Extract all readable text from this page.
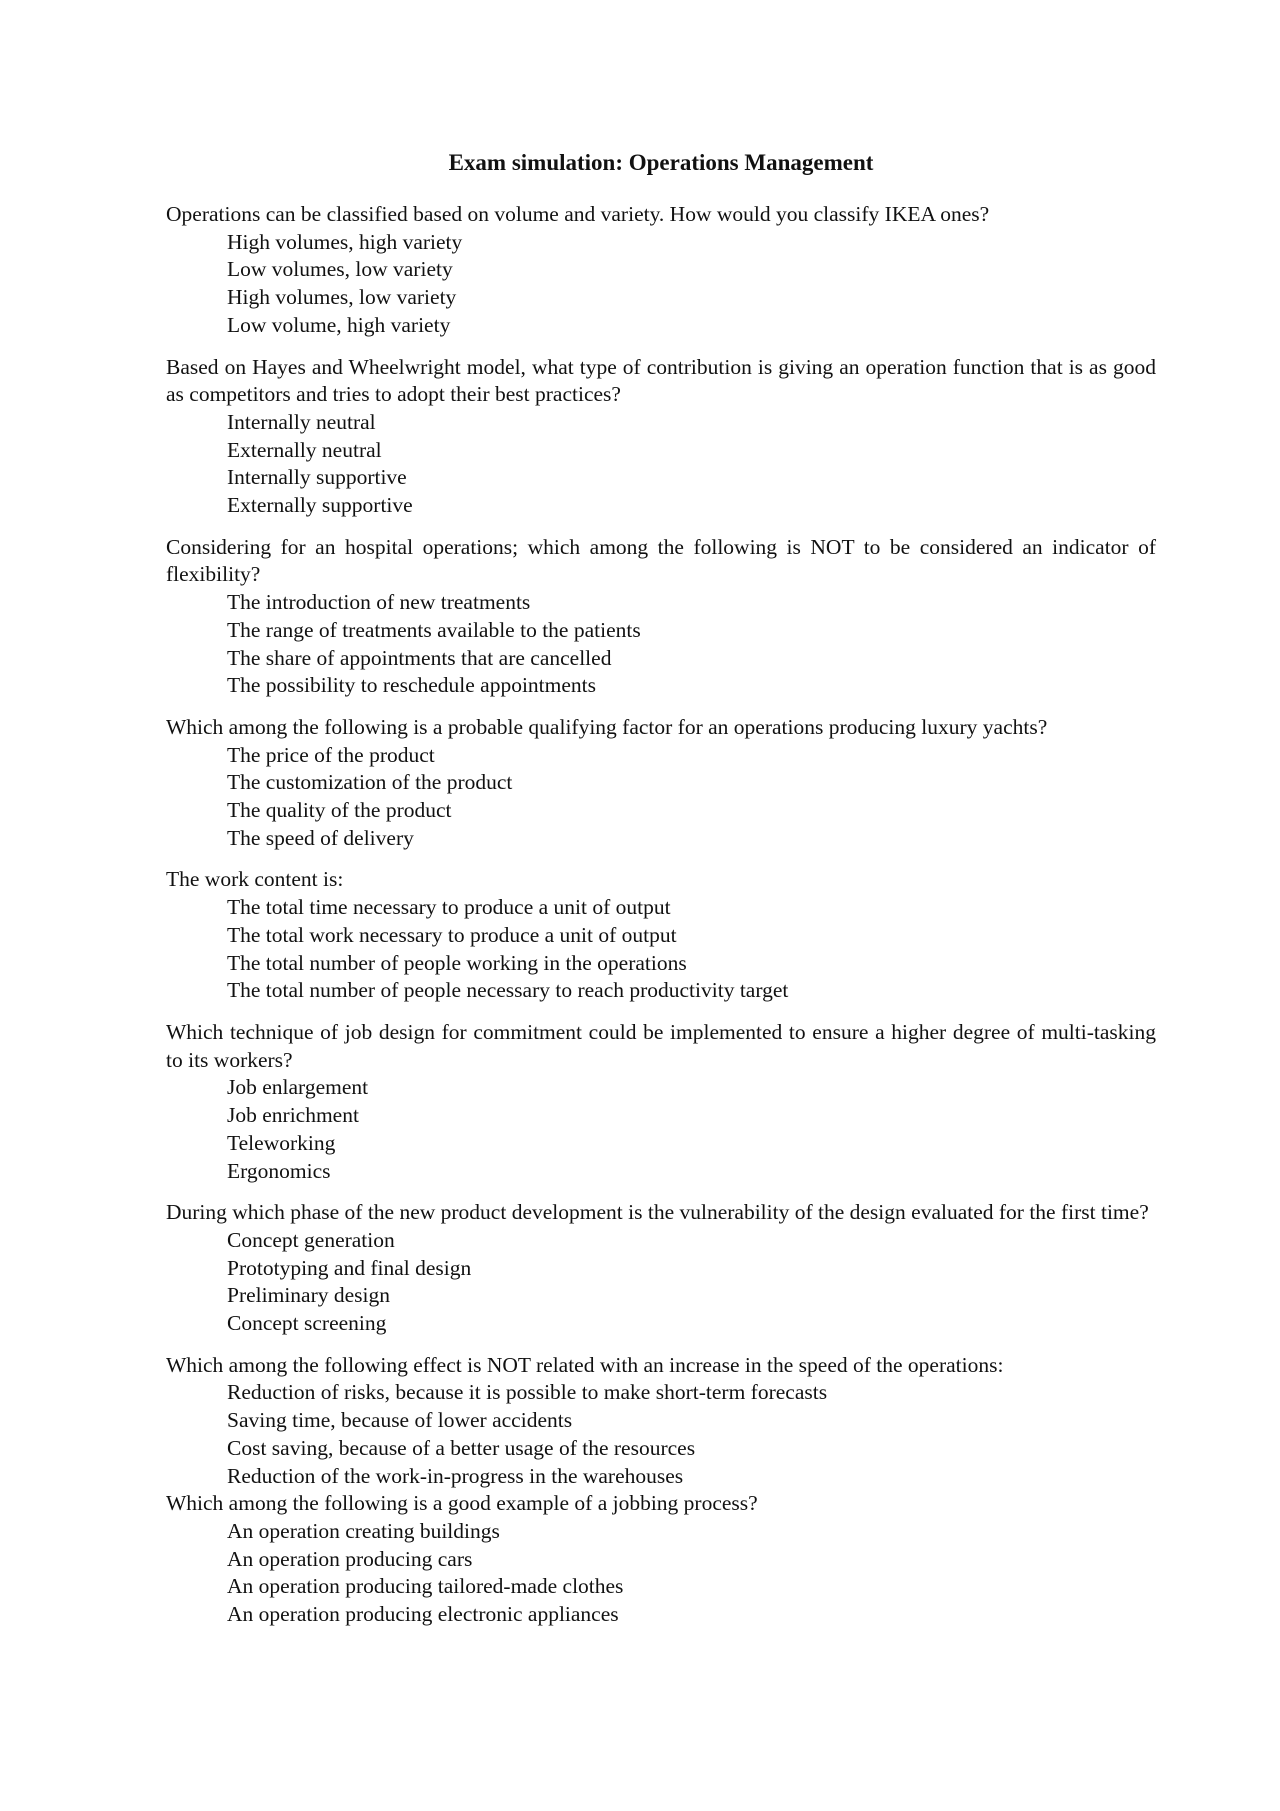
Exam simulation: Operations Management

Operations can be classified based on volume and variety. How would you classify IKEA ones?

High volumes, high variety
Low volumes, low variety
High volumes, low variety
Low volume, high variety

Based on Hayes and Wheelwright model, what type of contribution is giving an operation function that is as good as competitors and tries to adopt their best practices?

Internally neutral
Externally neutral
Internally supportive
Externally supportive

Considering for an hospital operations; which among the following is NOT to be considered an indicator of flexibility?

The introduction of new treatments
The range of treatments available to the patients
The share of appointments that are cancelled
The possibility to reschedule appointments

Which among the following is a probable qualifying factor for an operations producing luxury yachts?

The price of the product
The customization of the product
The quality of the product
The speed of delivery

The work content is:

The total time necessary to produce a unit of output
The total work necessary to produce a unit of output
The total number of people working in the operations
The total number of people necessary to reach productivity target

Which technique of job design for commitment could be implemented to ensure a higher degree of multi-tasking to its workers?

Job enlargement
Job enrichment
Teleworking
Ergonomics

During which phase of the new product development is the vulnerability of the design evaluated for the first time?

Concept generation
Prototyping and final design
Preliminary design
Concept screening

Which among the following effect is NOT related with an increase in the speed of the operations:

Reduction of risks, because it is possible to make short-term forecasts
Saving time, because of lower accidents
Cost saving, because of a better usage of the resources
Reduction of the work-in-progress in the warehouses

Which among the following is a good example of a jobbing process?

An operation creating buildings
An operation producing cars
An operation producing tailored-made clothes
An operation producing electronic appliances
